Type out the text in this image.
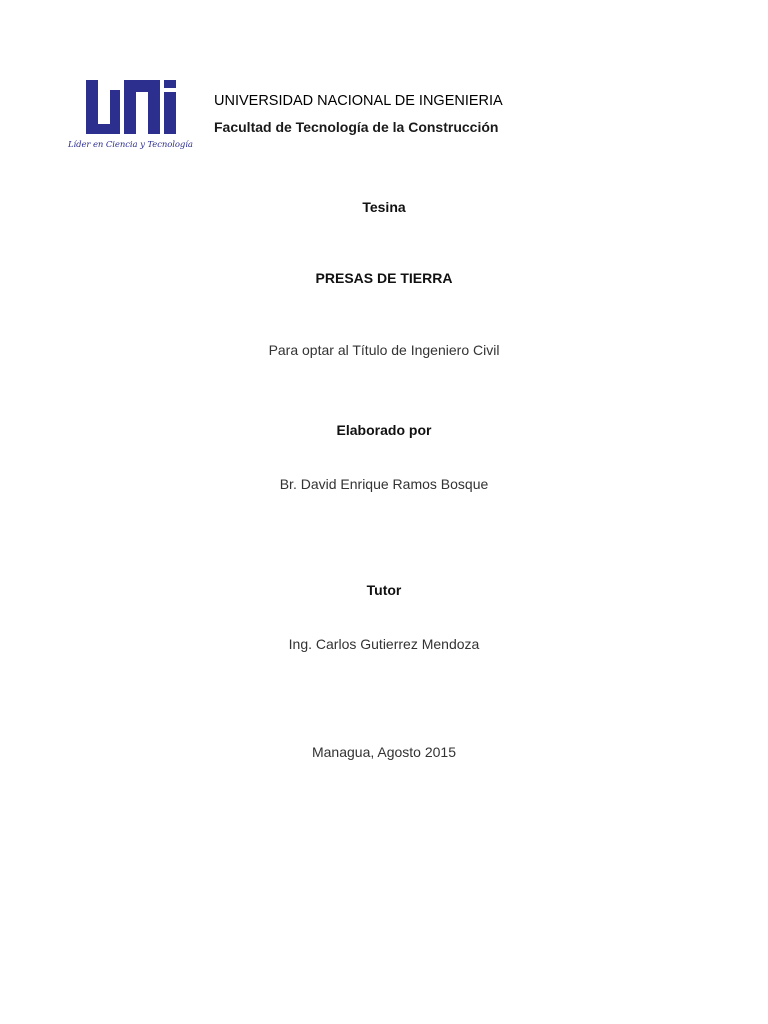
Líder en Ciencia y Tecnología

UNIVERSIDAD NACIONAL DE INGENIERIA

Facultad de Tecnología de la Construcción

Tesina

PRESAS DE TIERRA

Para optar al Título de Ingeniero Civil

Elaborado por

Br. David Enrique Ramos Bosque

Tutor

Ing. Carlos Gutierrez Mendoza

Managua, Agosto 2015
